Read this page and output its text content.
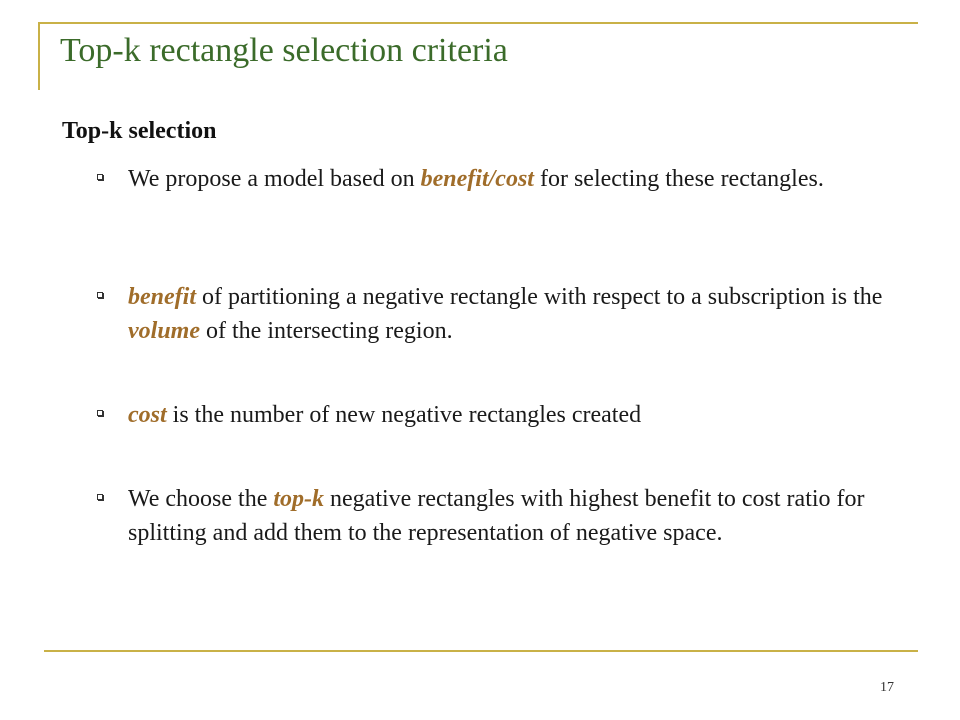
Top-k rectangle selection criteria
Top-k selection

We propose a model based on benefit/cost for selecting these rectangles.

benefit of partitioning a negative rectangle with respect to a subscription is the volume of the intersecting region.

cost is the number of new negative rectangles created

We choose the top-k negative rectangles with highest benefit to cost ratio for splitting and add them to the representation of negative space.

17
